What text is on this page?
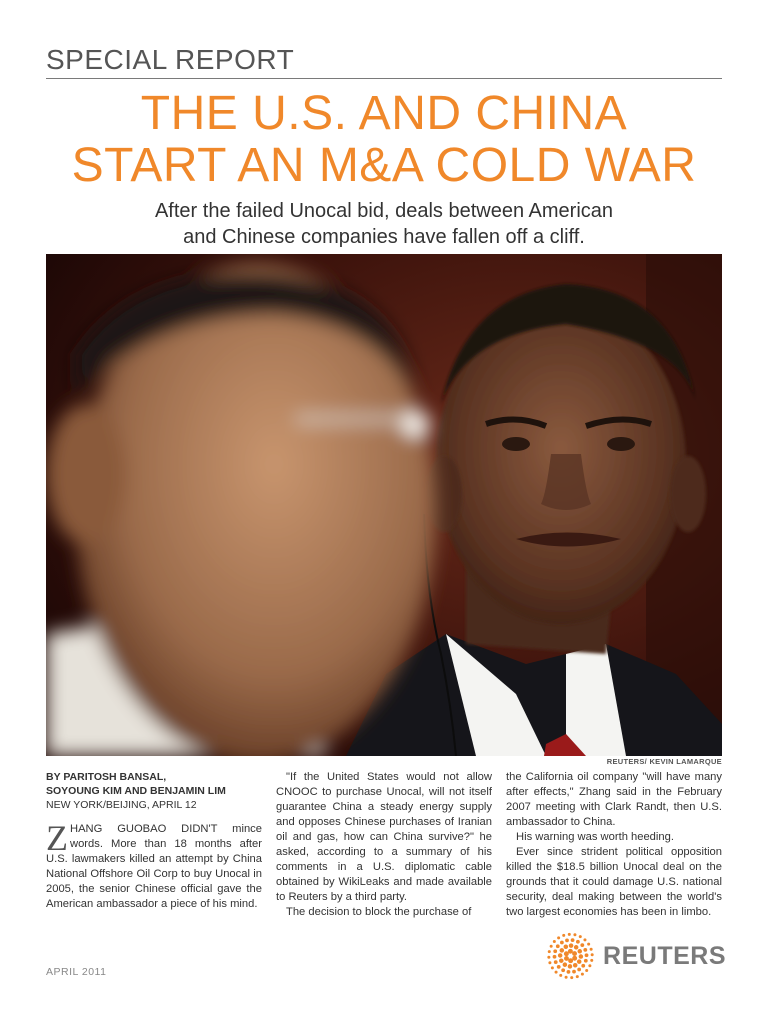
SPECIAL REPORT
THE U.S. AND CHINA
START AN M&A COLD WAR
After the failed Unocal bid, deals between American
and Chinese companies have fallen off a cliff.
REUTERS/ KEVIN LAMARQUE
BY PARITOSH BANSAL,
SOYOUNG KIM AND BENJAMIN LIM
NEW YORK/BEIJING, APRIL 12

ZHANG GUOBAO DIDN'T mince words. More than 18 months after U.S. lawmakers killed an attempt by China National Offshore Oil Corp to buy Unocal in 2005, the senior Chinese official gave the American ambassador a piece of his mind.

"If the United States would not allow CNOOC to purchase Unocal, will not itself guarantee China a steady energy supply and opposes Chinese purchases of Iranian oil and gas, how can China survive?" he asked, according to a summary of his comments in a U.S. diplomatic cable obtained by WikiLeaks and made available to Reuters by a third party.

The decision to block the purchase of

the California oil company "will have many after effects," Zhang said in the February 2007 meeting with Clark Randt, then U.S. ambassador to China.

His warning was worth heeding.

Ever since strident political opposition killed the $18.5 billion Unocal deal on the grounds that it could damage U.S. national security, deal making between the world's two largest economies has been in limbo.

APRIL 2011
REUTERS
